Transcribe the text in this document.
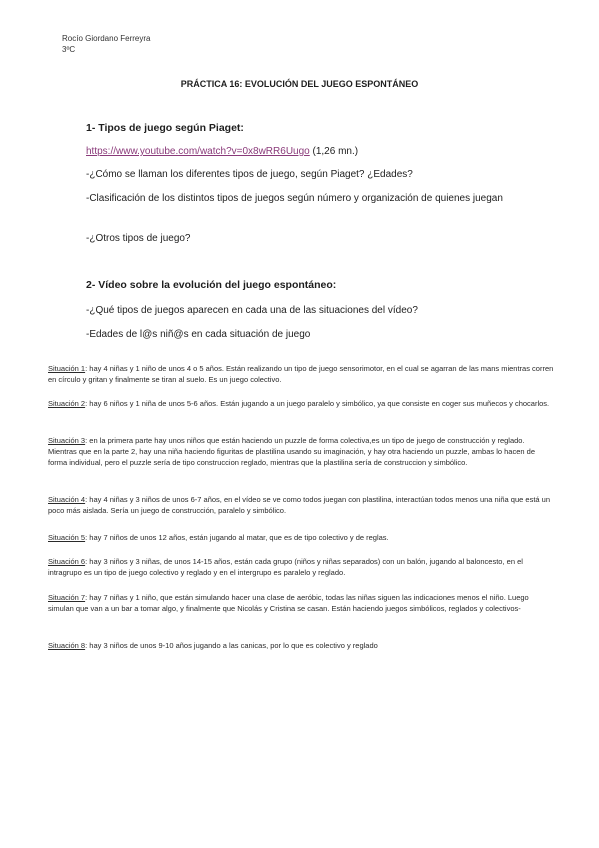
Rocío Giordano Ferreyra
3ºC
PRÁCTICA 16: EVOLUCIÓN DEL JUEGO ESPONTÁNEO
1- Tipos de juego según Piaget:
https://www.youtube.com/watch?v=0x8wRR6Uugo (1,26 mn.)
-¿Cómo se llaman los diferentes tipos de juego, según Piaget? ¿Edades?
-Clasificación de los distintos tipos de juegos según número y organización de quienes juegan
-¿Otros tipos de juego?
2- Vídeo sobre la evolución del juego espontáneo:
-¿Qué tipos de juegos aparecen en cada una de las situaciones del vídeo?
-Edades de l@s niñ@s en cada situación de juego
Situación 1: hay 4 niñas y 1 niño de unos 4 o 5 años. Están realizando un tipo de juego sensorimotor, en el cual se agarran de las mans mientras corren en círculo y gritan y finalmente se tiran al suelo. Es un juego colectivo.
Situación 2: hay 6 niños y 1 niña de unos 5-6 años. Están jugando a un juego paralelo y simbólico, ya que consiste en coger sus muñecos y chocarlos.
Situación 3: en la primera parte hay unos niños que están haciendo un puzzle de forma colectiva,es un tipo de juego de construcción y reglado. Mientras que en la parte 2, hay una niña haciendo figuritas de plastilina usando su imaginación, y hay otra haciendo un puzzle, ambas lo hacen de forma individual, pero el puzzle sería de tipo construccion reglado, mientras que la plastilina sería de construccion y simbólico.
Situación 4: hay 4 niñas y 3 niños de unos 6-7 años, en el vídeo se ve como todos juegan con plastilina, interactúan todos menos una niña que está un poco más aislada. Sería un juego de construcción, paralelo y simbólico.
Situación 5: hay 7 niños de unos 12 años, están jugando al matar, que es de tipo colectivo y de reglas.
Situación 6: hay 3 niños y 3 niñas, de unos 14-15 años, están cada grupo (niños y niñas separados) con un balón, jugando al baloncesto, en el intragrupo es un tipo de juego colectivo y reglado y en el intergrupo es paralelo y reglado.
Situación 7: hay 7 niñas y 1 niño, que están simulando hacer una clase de aeróbic, todas las niñas siguen las indicaciones menos el niño. Luego simulan que van a un bar a tomar algo, y finalmente que Nicolás y Cristina se casan. Están haciendo juegos simbólicos, reglados y colectivos-
Situación 8: hay 3 niños de unos 9-10 años jugando a las canicas, por lo que es colectivo y reglado
